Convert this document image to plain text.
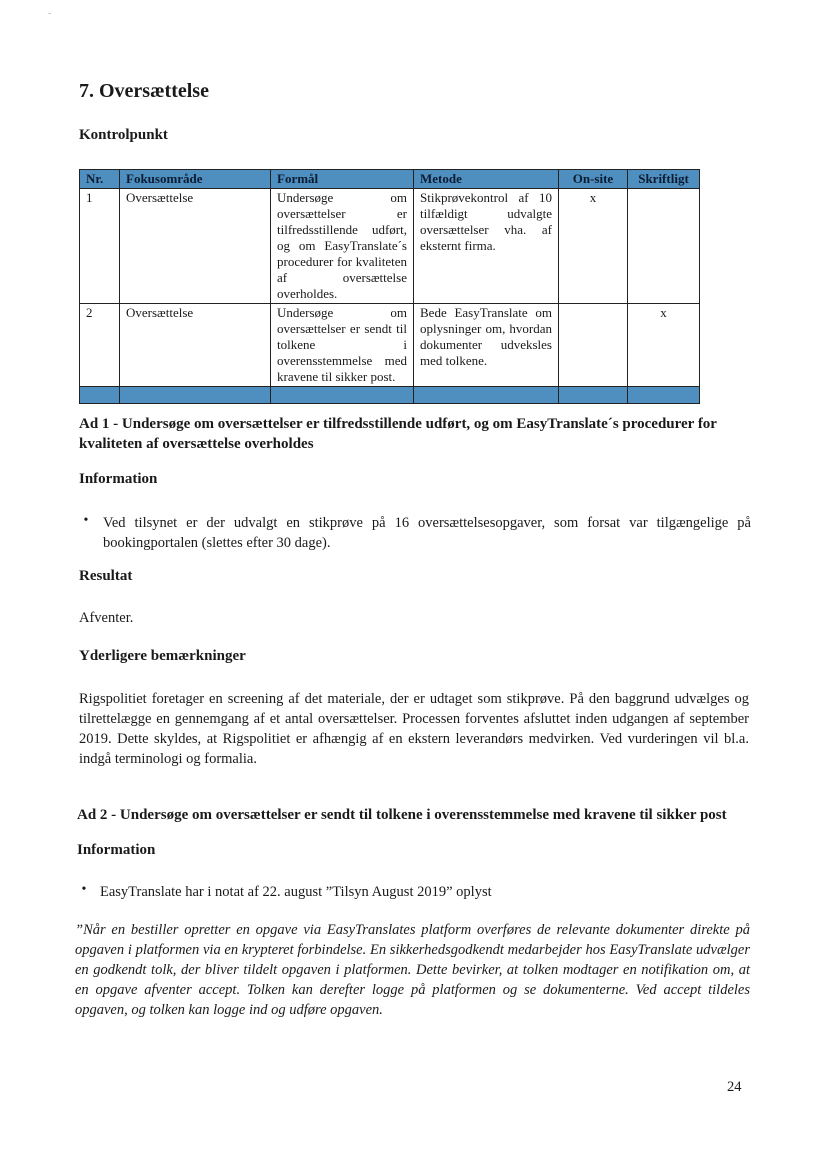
-
7. Oversættelse
Kontrolpunkt
Nr.	Fokusområde	Formål	Metode	On-site	Skriftligt
1	Oversættelse	Undersøge om oversættelser er tilfredsstillende udført, og om EasyTranslate´s procedurer for kvaliteten af oversættelse overholdes.	Stikprøvekontrol af 10 tilfældigt udvalgte oversættelser vha. af eksternt firma.	x	
2	Oversættelse	Undersøge om oversættelser er sendt til tolkene i overensstemmelse med kravene til sikker post.	Bede EasyTranslate om oplysninger om, hvordan dokumenter udveksles med tolkene.		x

Ad 1 - Undersøge om oversættelser er tilfredsstillende udført, og om EasyTranslate´s procedurer for kvaliteten af oversættelse overholdes
Information
•	Ved tilsynet er der udvalgt en stikprøve på 16 oversættelsesopgaver, som forsat var tilgængelige på bookingportalen (slettes efter 30 dage).
Resultat
Afventer.
Yderligere bemærkninger
Rigspolitiet foretager en screening af det materiale, der er udtaget som stikprøve. På den baggrund udvælges og tilrettelægge en gennemgang af et antal oversættelser. Processen forventes afsluttet inden udgangen af september 2019. Dette skyldes, at Rigspolitiet er afhængig af en ekstern leverandørs medvirken. Ved vurderingen vil bl.a. indgå terminologi og formalia.
Ad 2 - Undersøge om oversættelser er sendt til tolkene i overensstemmelse med kravene til sikker post
Information
• EasyTranslate har i notat af 22. august ”Tilsyn August 2019” oplyst
”Når en bestiller opretter en opgave via EasyTranslates platform overføres de relevante dokumenter direkte på opgaven i platformen via en krypteret forbindelse. En sikkerhedsgodkendt medarbejder hos EasyTranslate udvælger en godkendt tolk, der bliver tildelt opgaven i platformen. Dette bevirker, at tolken modtager en notifikation om, at en opgave afventer accept. Tolken kan derefter logge på platformen og se dokumenterne. Ved accept tildeles opgaven, og tolken kan logge ind og udføre opgaven.
24
